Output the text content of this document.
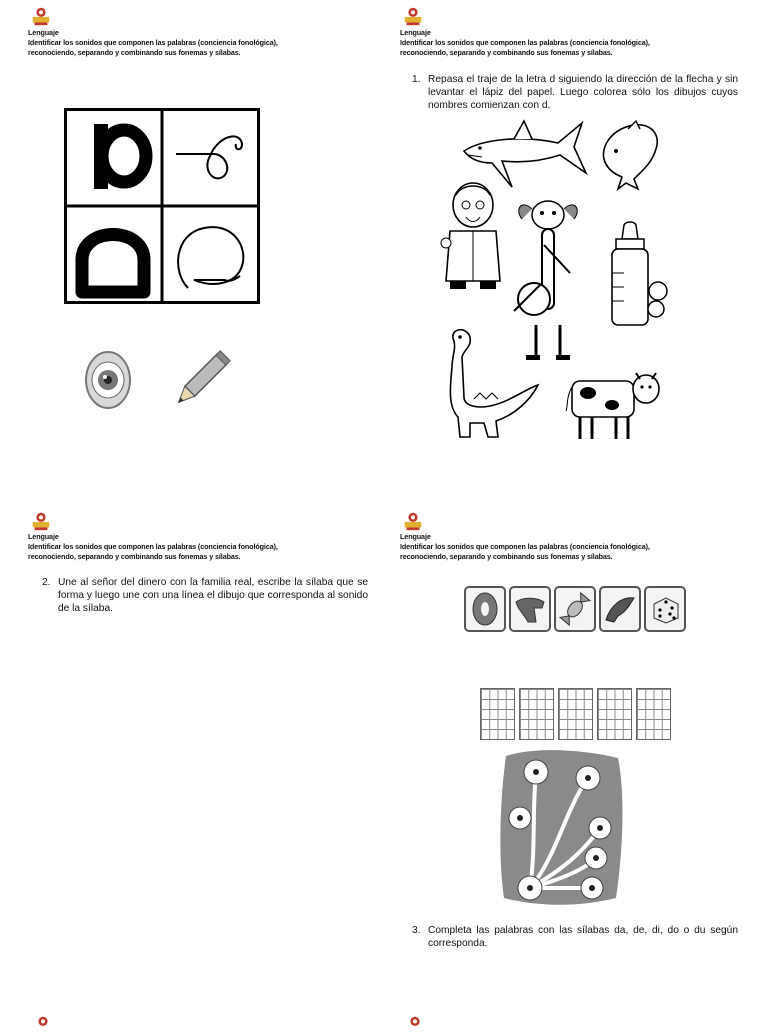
Lenguaje
Identificar los sonidos que componen las palabras (conciencia fonológica),
reconociendo, separando y combinando sus fonemas y sílabas.
Lenguaje
Identificar los sonidos que componen las palabras (conciencia fonológica),
reconociendo, separando y combinando sus fonemas y sílabas.
1. Repasa el traje de la letra d siguiendo la dirección de la flecha y sin levantar el lápiz del papel. Luego colorea sólo los dibujos cuyos nombres comienzan con d.
Lenguaje
Identificar los sonidos que componen las palabras (conciencia fonológica),
reconociendo, separando y combinando sus fonemas y sílabas.
2. Une al señor del dinero con la familia real, escribe la sílaba que se forma y luego une con una línea el dibujo que corresponda al sonido de la sílaba.
Lenguaje
Identificar los sonidos que componen las palabras (conciencia fonológica),
reconociendo, separando y combinando sus fonemas y sílabas.
3. Completa las palabras con las sílabas da, de, di, do o du según corresponda.
